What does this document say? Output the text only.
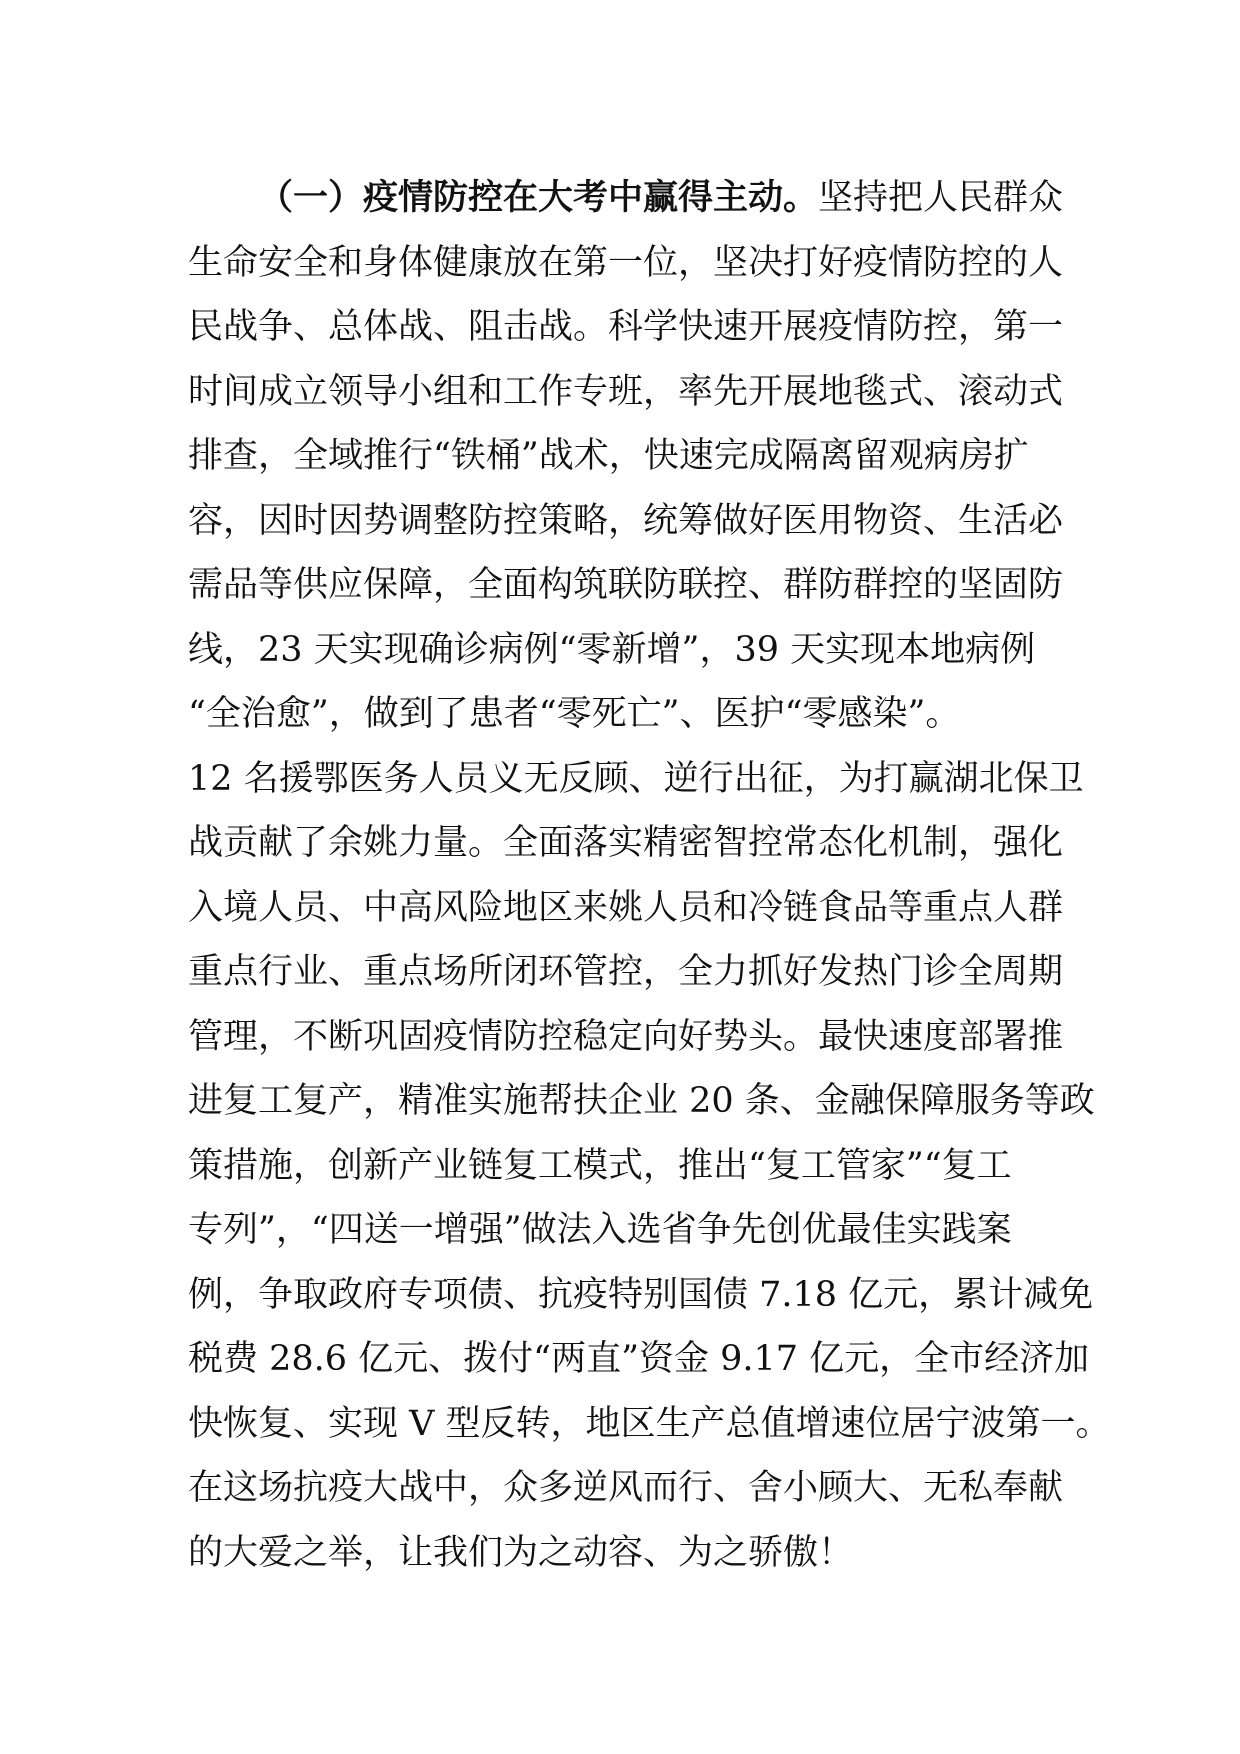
（一）疫情防控在大考中赢得主动。坚持把人民群众
生命安全和身体健康放在第一位，坚决打好疫情防控的人
民战争、总体战、阻击战。科学快速开展疫情防控，第一
时间成立领导小组和工作专班，率先开展地毯式、滚动式
排查，全域推行“铁桶”战术，快速完成隔离留观病房扩
容，因时因势调整防控策略，统筹做好医用物资、生活必
需品等供应保障，全面构筑联防联控、群防群控的坚固防
线，23 天实现确诊病例“零新增”，39 天实现本地病例
“全治愈”，做到了患者“零死亡”、医护“零感染”。
12 名援鄂医务人员义无反顾、逆行出征，为打赢湖北保卫
战贡献了余姚力量。全面落实精密智控常态化机制，强化
入境人员、中高风险地区来姚人员和冷链食品等重点人群
重点行业、重点场所闭环管控，全力抓好发热门诊全周期
管理，不断巩固疫情防控稳定向好势头。最快速度部署推
进复工复产，精准实施帮扶企业 20 条、金融保障服务等政
策措施，创新产业链复工模式，推出“复工管家”“复工
专列”，“四送一增强”做法入选省争先创优最佳实践案
例，争取政府专项债、抗疫特别国债 7.18 亿元，累计减免
税费 28.6 亿元、拨付“两直”资金 9.17 亿元，全市经济加
快恢复、实现 V 型反转，地区生产总值增速位居宁波第一。
在这场抗疫大战中，众多逆风而行、舍小顾大、无私奉献
的大爱之举，让我们为之动容、为之骄傲！
